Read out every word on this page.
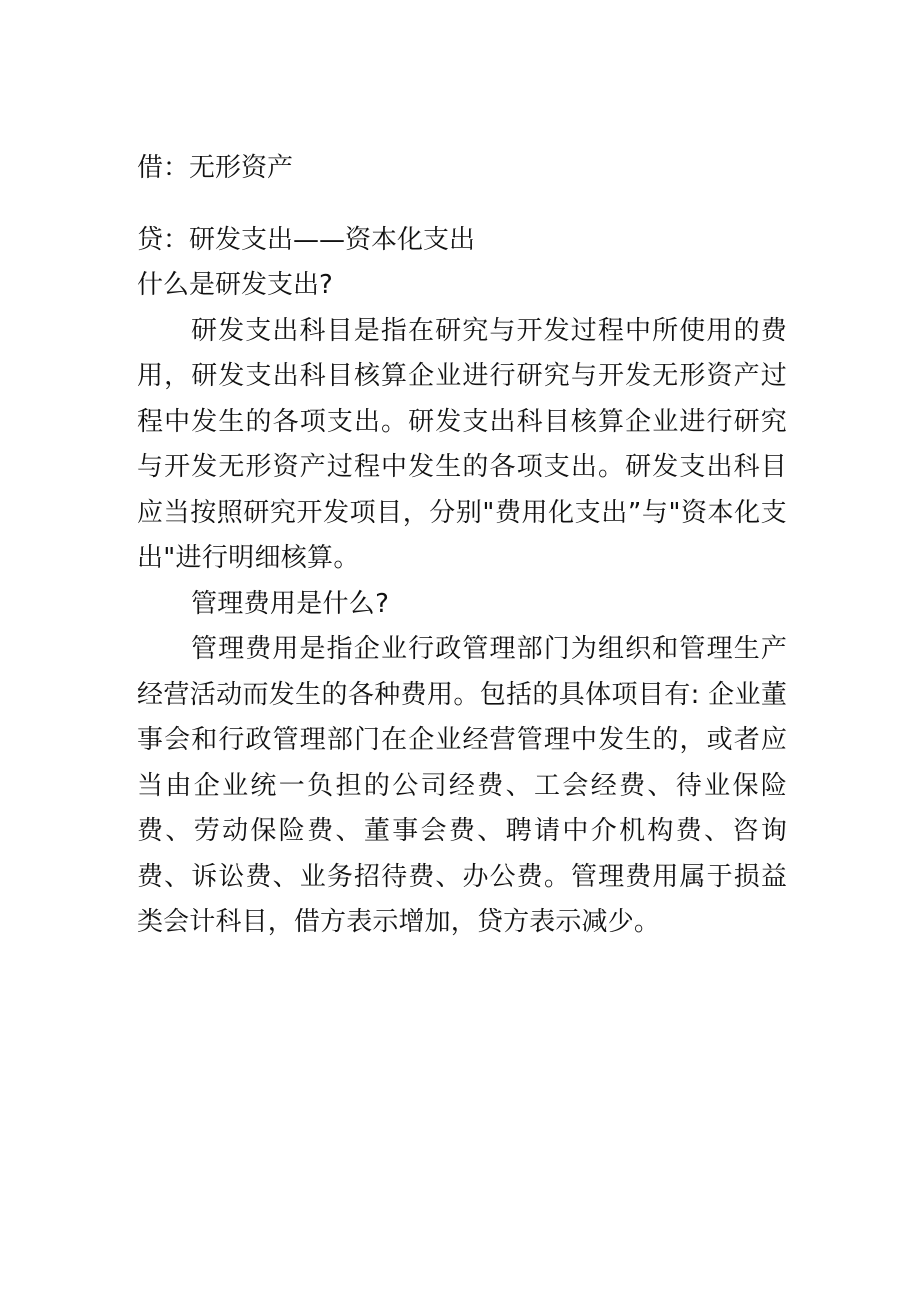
借：无形资产

贷：研发支出——资本化支出

什么是研发支出?

研发支出科目是指在研究与开发过程中所使用的费用，研发支出科目核算企业进行研究与开发无形资产过程中发生的各项支出。研发支出科目核算企业进行研究与开发无形资产过程中发生的各项支出。研发支出科目应当按照研究开发项目，分别"费用化支出”与"资本化支出"进行明细核算。

管理费用是什么?

管理费用是指企业行政管理部门为组织和管理生产经营活动而发生的各种费用。包括的具体项目有: 企业董事会和行政管理部门在企业经营管理中发生的，或者应当由企业统一负担的公司经费、工会经费、待业保险费、劳动保险费、董事会费、聘请中介机构费、咨询费、诉讼费、业务招待费、办公费。管理费用属于损益类会计科目，借方表示增加，贷方表示减少。
